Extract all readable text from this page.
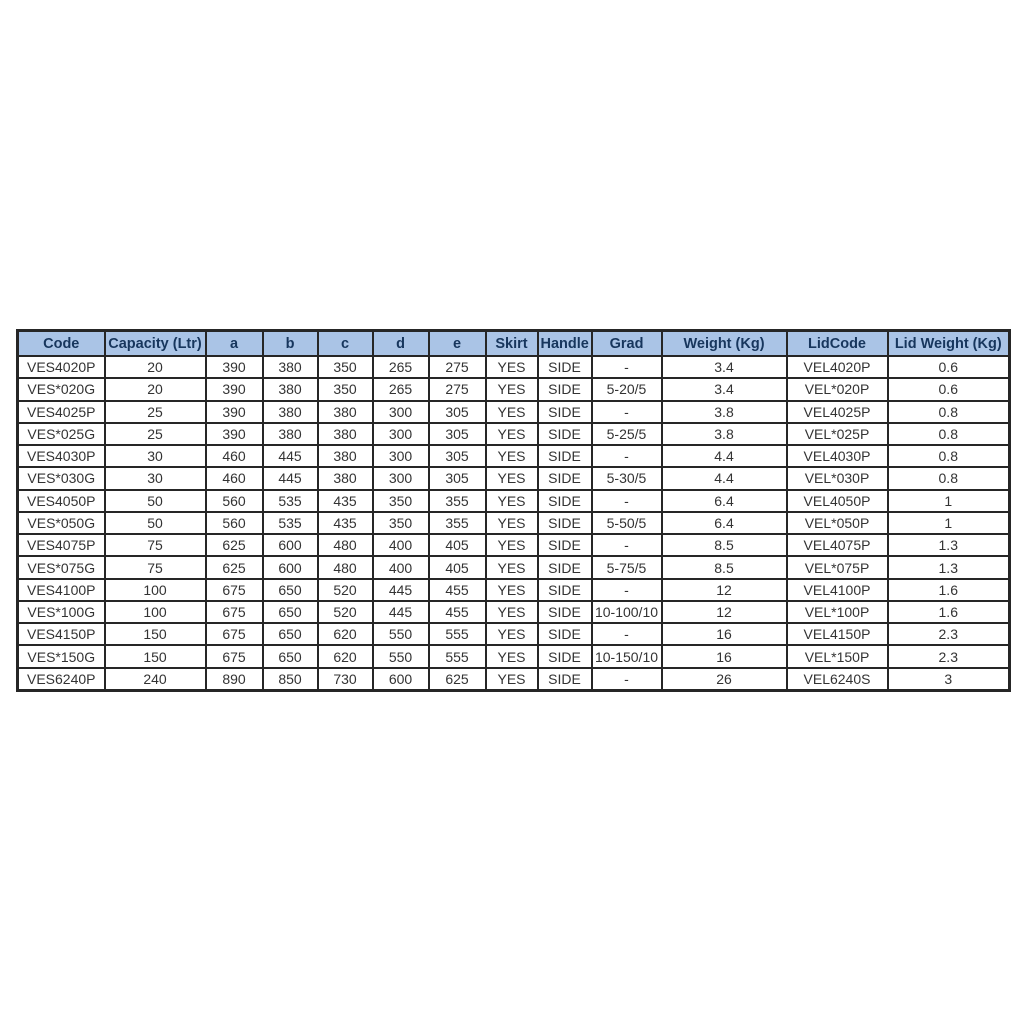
Code	Capacity (Ltr)	a	b	c	d	e	Skirt	Handle	Grad	Weight (Kg)	LidCode	Lid Weight (Kg)
VES4020P	20	390	380	350	265	275	YES	SIDE	-	3.4	VEL4020P	0.6
VES*020G	20	390	380	350	265	275	YES	SIDE	5-20/5	3.4	VEL*020P	0.6
VES4025P	25	390	380	380	300	305	YES	SIDE	-	3.8	VEL4025P	0.8
VES*025G	25	390	380	380	300	305	YES	SIDE	5-25/5	3.8	VEL*025P	0.8
VES4030P	30	460	445	380	300	305	YES	SIDE	-	4.4	VEL4030P	0.8
VES*030G	30	460	445	380	300	305	YES	SIDE	5-30/5	4.4	VEL*030P	0.8
VES4050P	50	560	535	435	350	355	YES	SIDE	-	6.4	VEL4050P	1
VES*050G	50	560	535	435	350	355	YES	SIDE	5-50/5	6.4	VEL*050P	1
VES4075P	75	625	600	480	400	405	YES	SIDE	-	8.5	VEL4075P	1.3
VES*075G	75	625	600	480	400	405	YES	SIDE	5-75/5	8.5	VEL*075P	1.3
VES4100P	100	675	650	520	445	455	YES	SIDE	-	12	VEL4100P	1.6
VES*100G	100	675	650	520	445	455	YES	SIDE	10-100/10	12	VEL*100P	1.6
VES4150P	150	675	650	620	550	555	YES	SIDE	-	16	VEL4150P	2.3
VES*150G	150	675	650	620	550	555	YES	SIDE	10-150/10	16	VEL*150P	2.3
VES6240P	240	890	850	730	600	625	YES	SIDE	-	26	VEL6240S	3
